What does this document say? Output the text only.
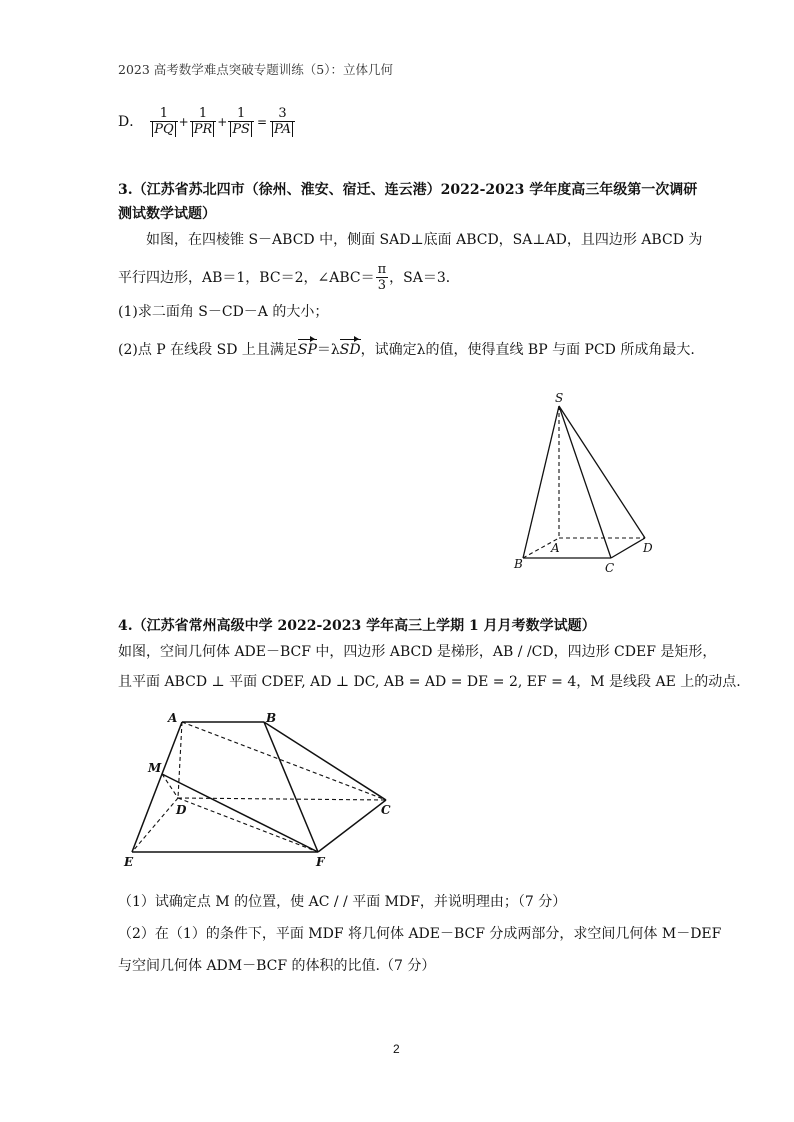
2023 高考数学难点突破专题训练（5）：立体几何
D． $\frac{1}{PQ} + \frac{1}{PR} + \frac{1}{PS} = \frac{3}{PA}$
3.（江苏省苏北四市（徐州、淮安、宿迁、连云港）2022-2023 学年度高三年级第一次调研
测试数学试题）
如图，在四棱锥 S－ABCD 中，侧面 SAD⊥底面 ABCD，SA⊥AD，且四边形 ABCD 为
平行四边形，AB＝1，BC＝2，∠ABC＝ $\frac{\pi}{3}$ ，SA＝3．
(1)求二面角 S－CD－A 的大小；
(2)点 P 在线段 SD 上且满足SP＝λSD，试确定λ的值，使得直线 BP 与面 PCD 所成角最大.
S
A
B	C
D
4.（江苏省常州高级中学 2022-2023 学年高三上学期 1 月月考数学试题）
如图，空间几何体 ADE－BCF 中，四边形 ABCD 是梯形，AB / /CD，四边形 CDEF 是矩形，
且平面 ABCD ⊥ 平面 CDEF, AD ⊥ DC, AB = AD = DE = 2, EF = 4，M 是线段 AE 上的动点.
A	B
M
D	C
E	F
（1）试确定点 M 的位置，使 AC / / 平面 MDF，并说明理由；（7 分）
（2）在（1）的条件下，平面 MDF 将几何体 ADE－BCF 分成两部分，求空间几何体 M－DEF
与空间几何体 ADM－BCF 的体积的比值.（7 分）
2
